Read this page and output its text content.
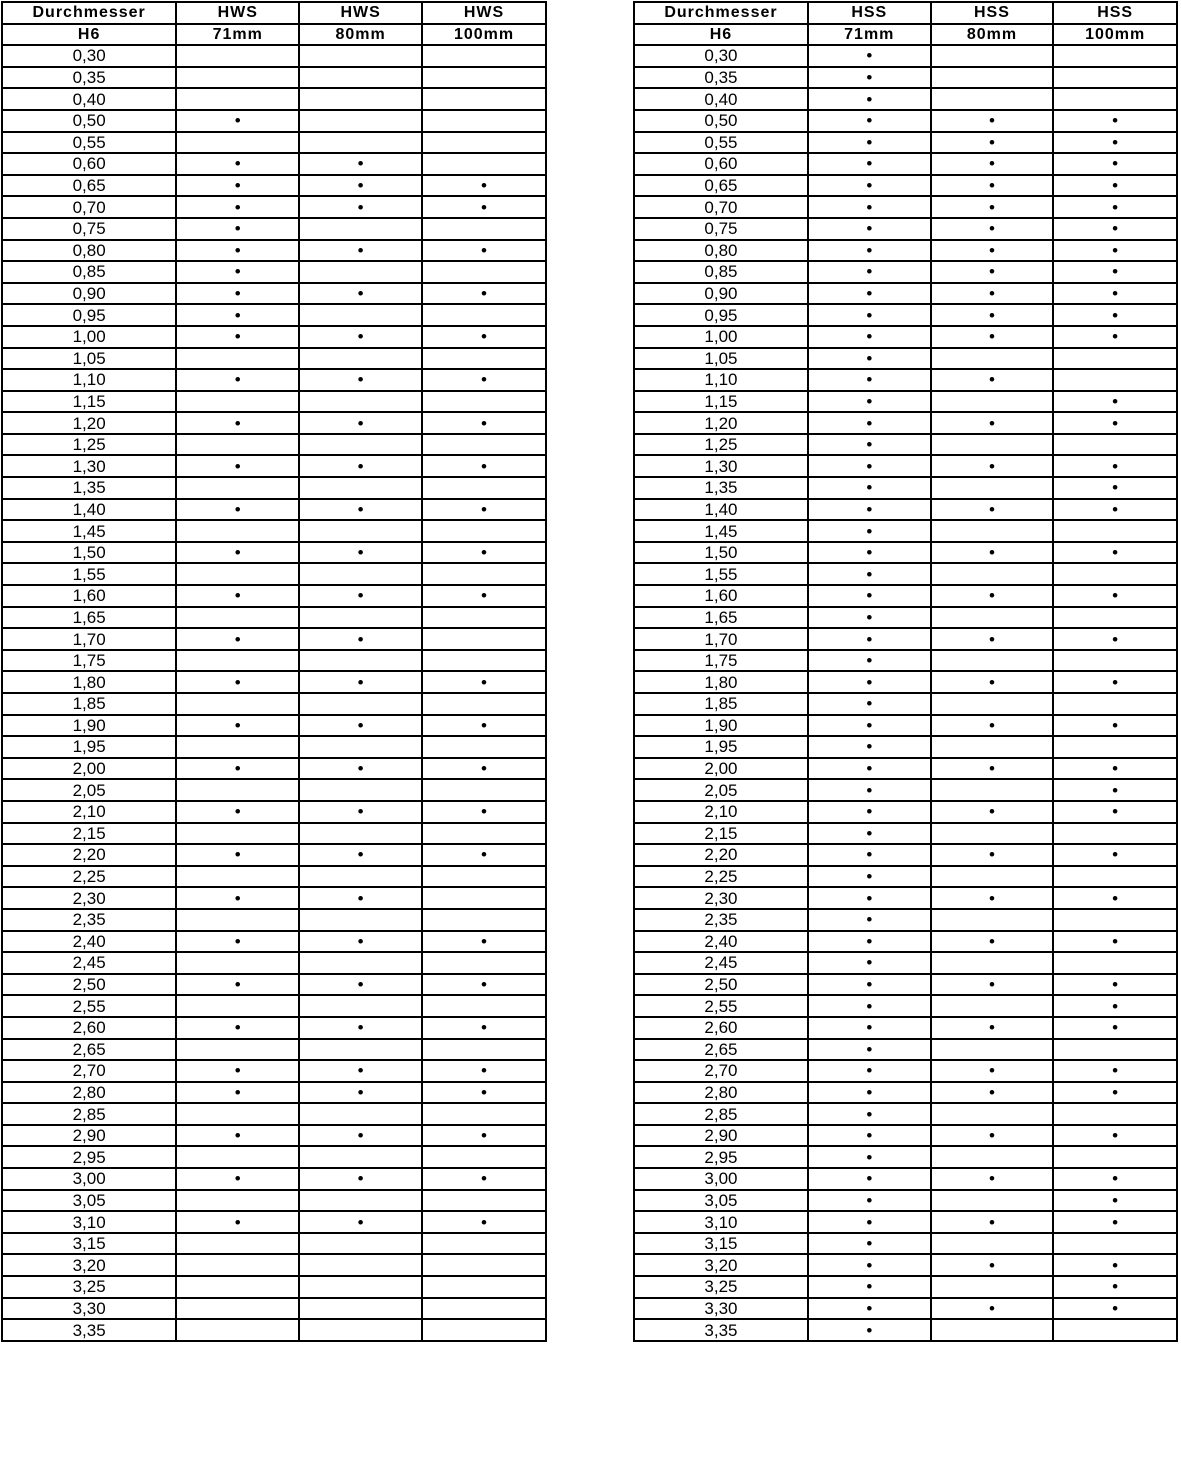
Durchmesser	HWS	HWS	HWS
H6	71mm	80mm	100mm
0,30			
0,35			
0,40			
0,50	•		
0,55			
0,60	•	•	
0,65	•	•	•
0,70	•	•	•
0,75	•		
0,80	•	•	•
0,85	•		
0,90	•	•	•
0,95	•		
1,00	•	•	•
1,05			
1,10	•	•	•
1,15			
1,20	•	•	•
1,25			
1,30	•	•	•
1,35			
1,40	•	•	•
1,45			
1,50	•	•	•
1,55			
1,60	•	•	•
1,65			
1,70	•	•	
1,75			
1,80	•	•	•
1,85			
1,90	•	•	•
1,95			
2,00	•	•	•
2,05			
2,10	•	•	•
2,15			
2,20	•	•	•
2,25			
2,30	•	•	
2,35			
2,40	•	•	•
2,45			
2,50	•	•	•
2,55			
2,60	•	•	•
2,65			
2,70	•	•	•
2,80	•	•	•
2,85			
2,90	•	•	•
2,95			
3,00	•	•	•
3,05			
3,10	•	•	•
3,15			
3,20			
3,25			
3,30			
3,35			
Durchmesser	HSS	HSS	HSS
H6	71mm	80mm	100mm
0,30	•		
0,35	•		
0,40	•		
0,50	•	•	•
0,55	•	•	•
0,60	•	•	•
0,65	•	•	•
0,70	•	•	•
0,75	•	•	•
0,80	•	•	•
0,85	•	•	•
0,90	•	•	•
0,95	•	•	•
1,00	•	•	•
1,05	•		
1,10	•	•	
1,15	•		•
1,20	•	•	•
1,25	•		
1,30	•	•	•
1,35	•		•
1,40	•	•	•
1,45	•		
1,50	•	•	•
1,55	•		
1,60	•	•	•
1,65	•		
1,70	•	•	•
1,75	•		
1,80	•	•	•
1,85	•		
1,90	•	•	•
1,95	•		
2,00	•	•	•
2,05	•		•
2,10	•	•	•
2,15	•		
2,20	•	•	•
2,25	•		
2,30	•	•	•
2,35	•		
2,40	•	•	•
2,45	•		
2,50	•	•	•
2,55	•		•
2,60	•	•	•
2,65	•		
2,70	•	•	•
2,80	•	•	•
2,85	•		
2,90	•	•	•
2,95	•		
3,00	•	•	•
3,05	•		•
3,10	•	•	•
3,15	•		
3,20	•	•	•
3,25	•		•
3,30	•	•	•
3,35	•		
